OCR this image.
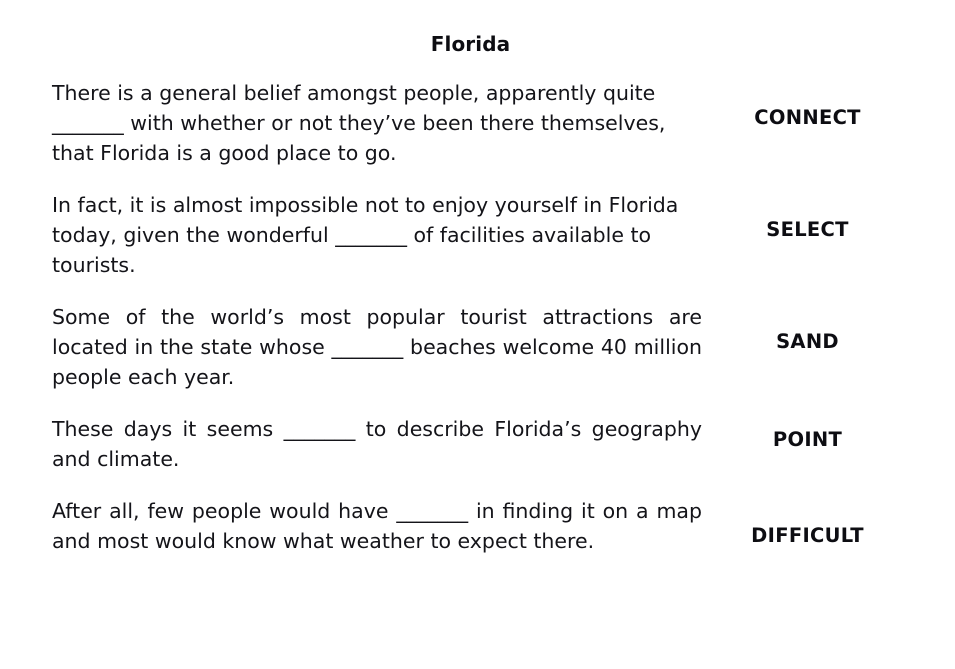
Florida
There is a general belief amongst people, apparently quite _______ with whether or not they’ve been there themselves, that Florida is a good place to go.
CONNECT
In fact, it is almost impossible not to enjoy yourself in Florida today, given the wonderful _______ of facilities available to tourists.
SELECT
Some of the world’s most popular tourist attractions are located in the state whose _______ beaches welcome 40 million people each year.
SAND
These days it seems _______ to describe Florida’s geography and climate.
POINT
After all, few people would have _______ in finding it on a map and most would know what weather to expect there.	DIFFICULT
